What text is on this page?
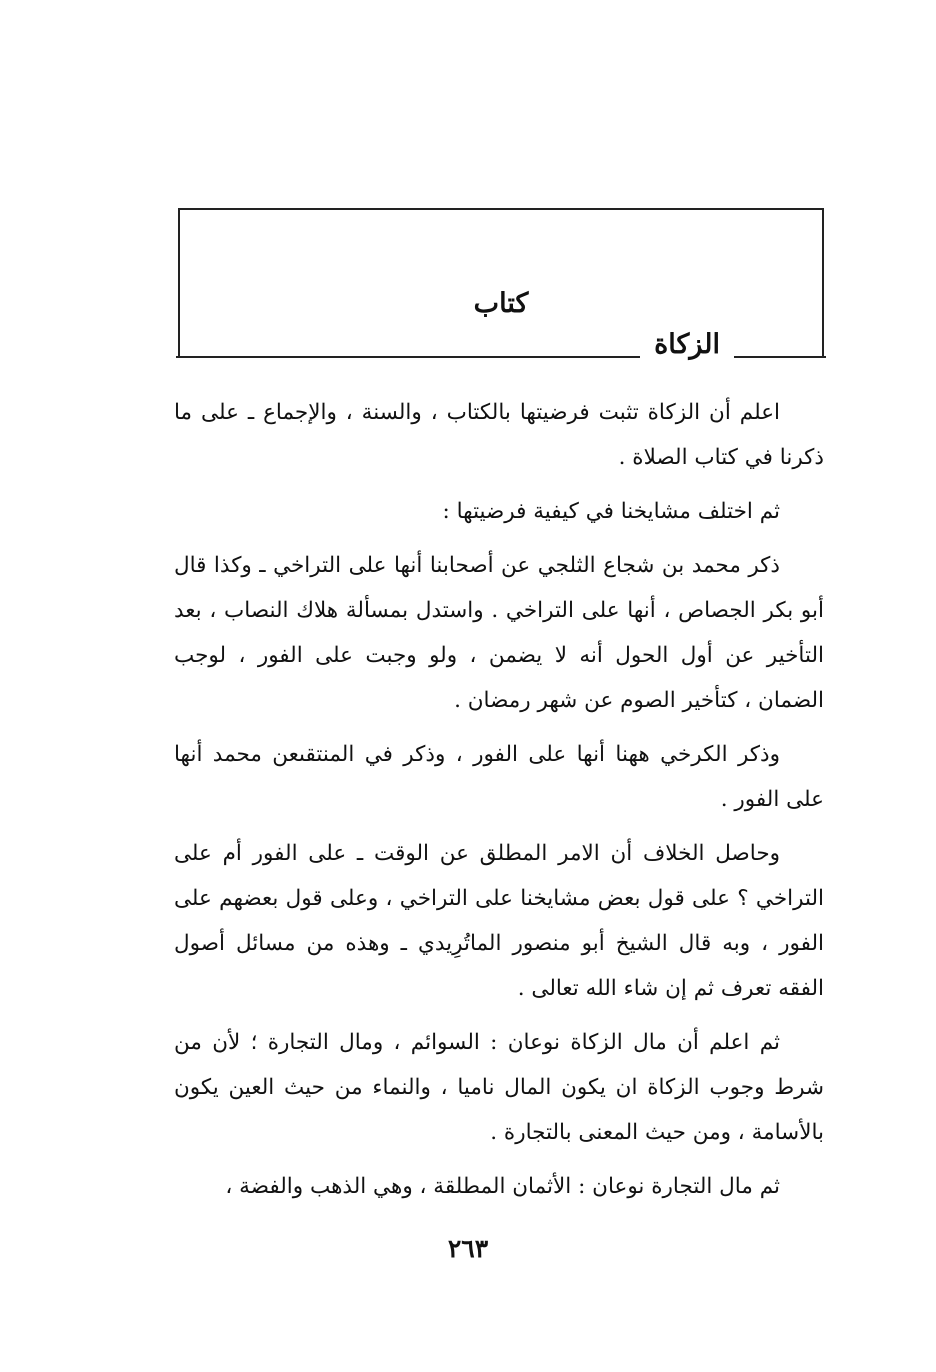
كتاب
الزكاة

اعلم أن الزكاة تثبت فرضيتها بالكتاب ، والسنة ، والإجماع ـ على ما ذكرنا في كتاب الصلاة .

ثم اختلف مشايخنا في كيفية فرضيتها :

ذكر محمد بن شجاع الثلجي عن أصحابنا أنها على التراخي ـ وكذا قال أبو بكر الجصاص ، أنها على التراخي . واستدل بمسألة هلاك النصاب ، بعد التأخير عن أول الحول أنه لا يضمن ، ولو وجبت على الفور ، لوجب الضمان ، كتأخير الصوم عن شهر رمضان .

وذكر الكرخي ههنا أنها على الفور ، وذكر في المنتقىعن محمد أنها على الفور .

وحاصل الخلاف أن الامر المطلق عن الوقت ـ على الفور أم على التراخي ؟ على قول بعض مشايخنا على التراخي ، وعلى قول بعضهم على الفور ، وبه قال الشيخ أبو منصور الماتُرِيدي ـ وهذه من مسائل أصول الفقه تعرف ثم إن شاء الله تعالى .

ثم اعلم أن مال الزكاة نوعان : السوائم ، ومال التجارة ؛ لأن من شرط وجوب الزكاة ان يكون المال ناميا ، والنماء من حيث العين يكون بالأسامة ، ومن حيث المعنى بالتجارة .

ثم مال التجارة نوعان : الأثمان المطلقة ، وهي الذهب والفضة ،

٢٦٣
